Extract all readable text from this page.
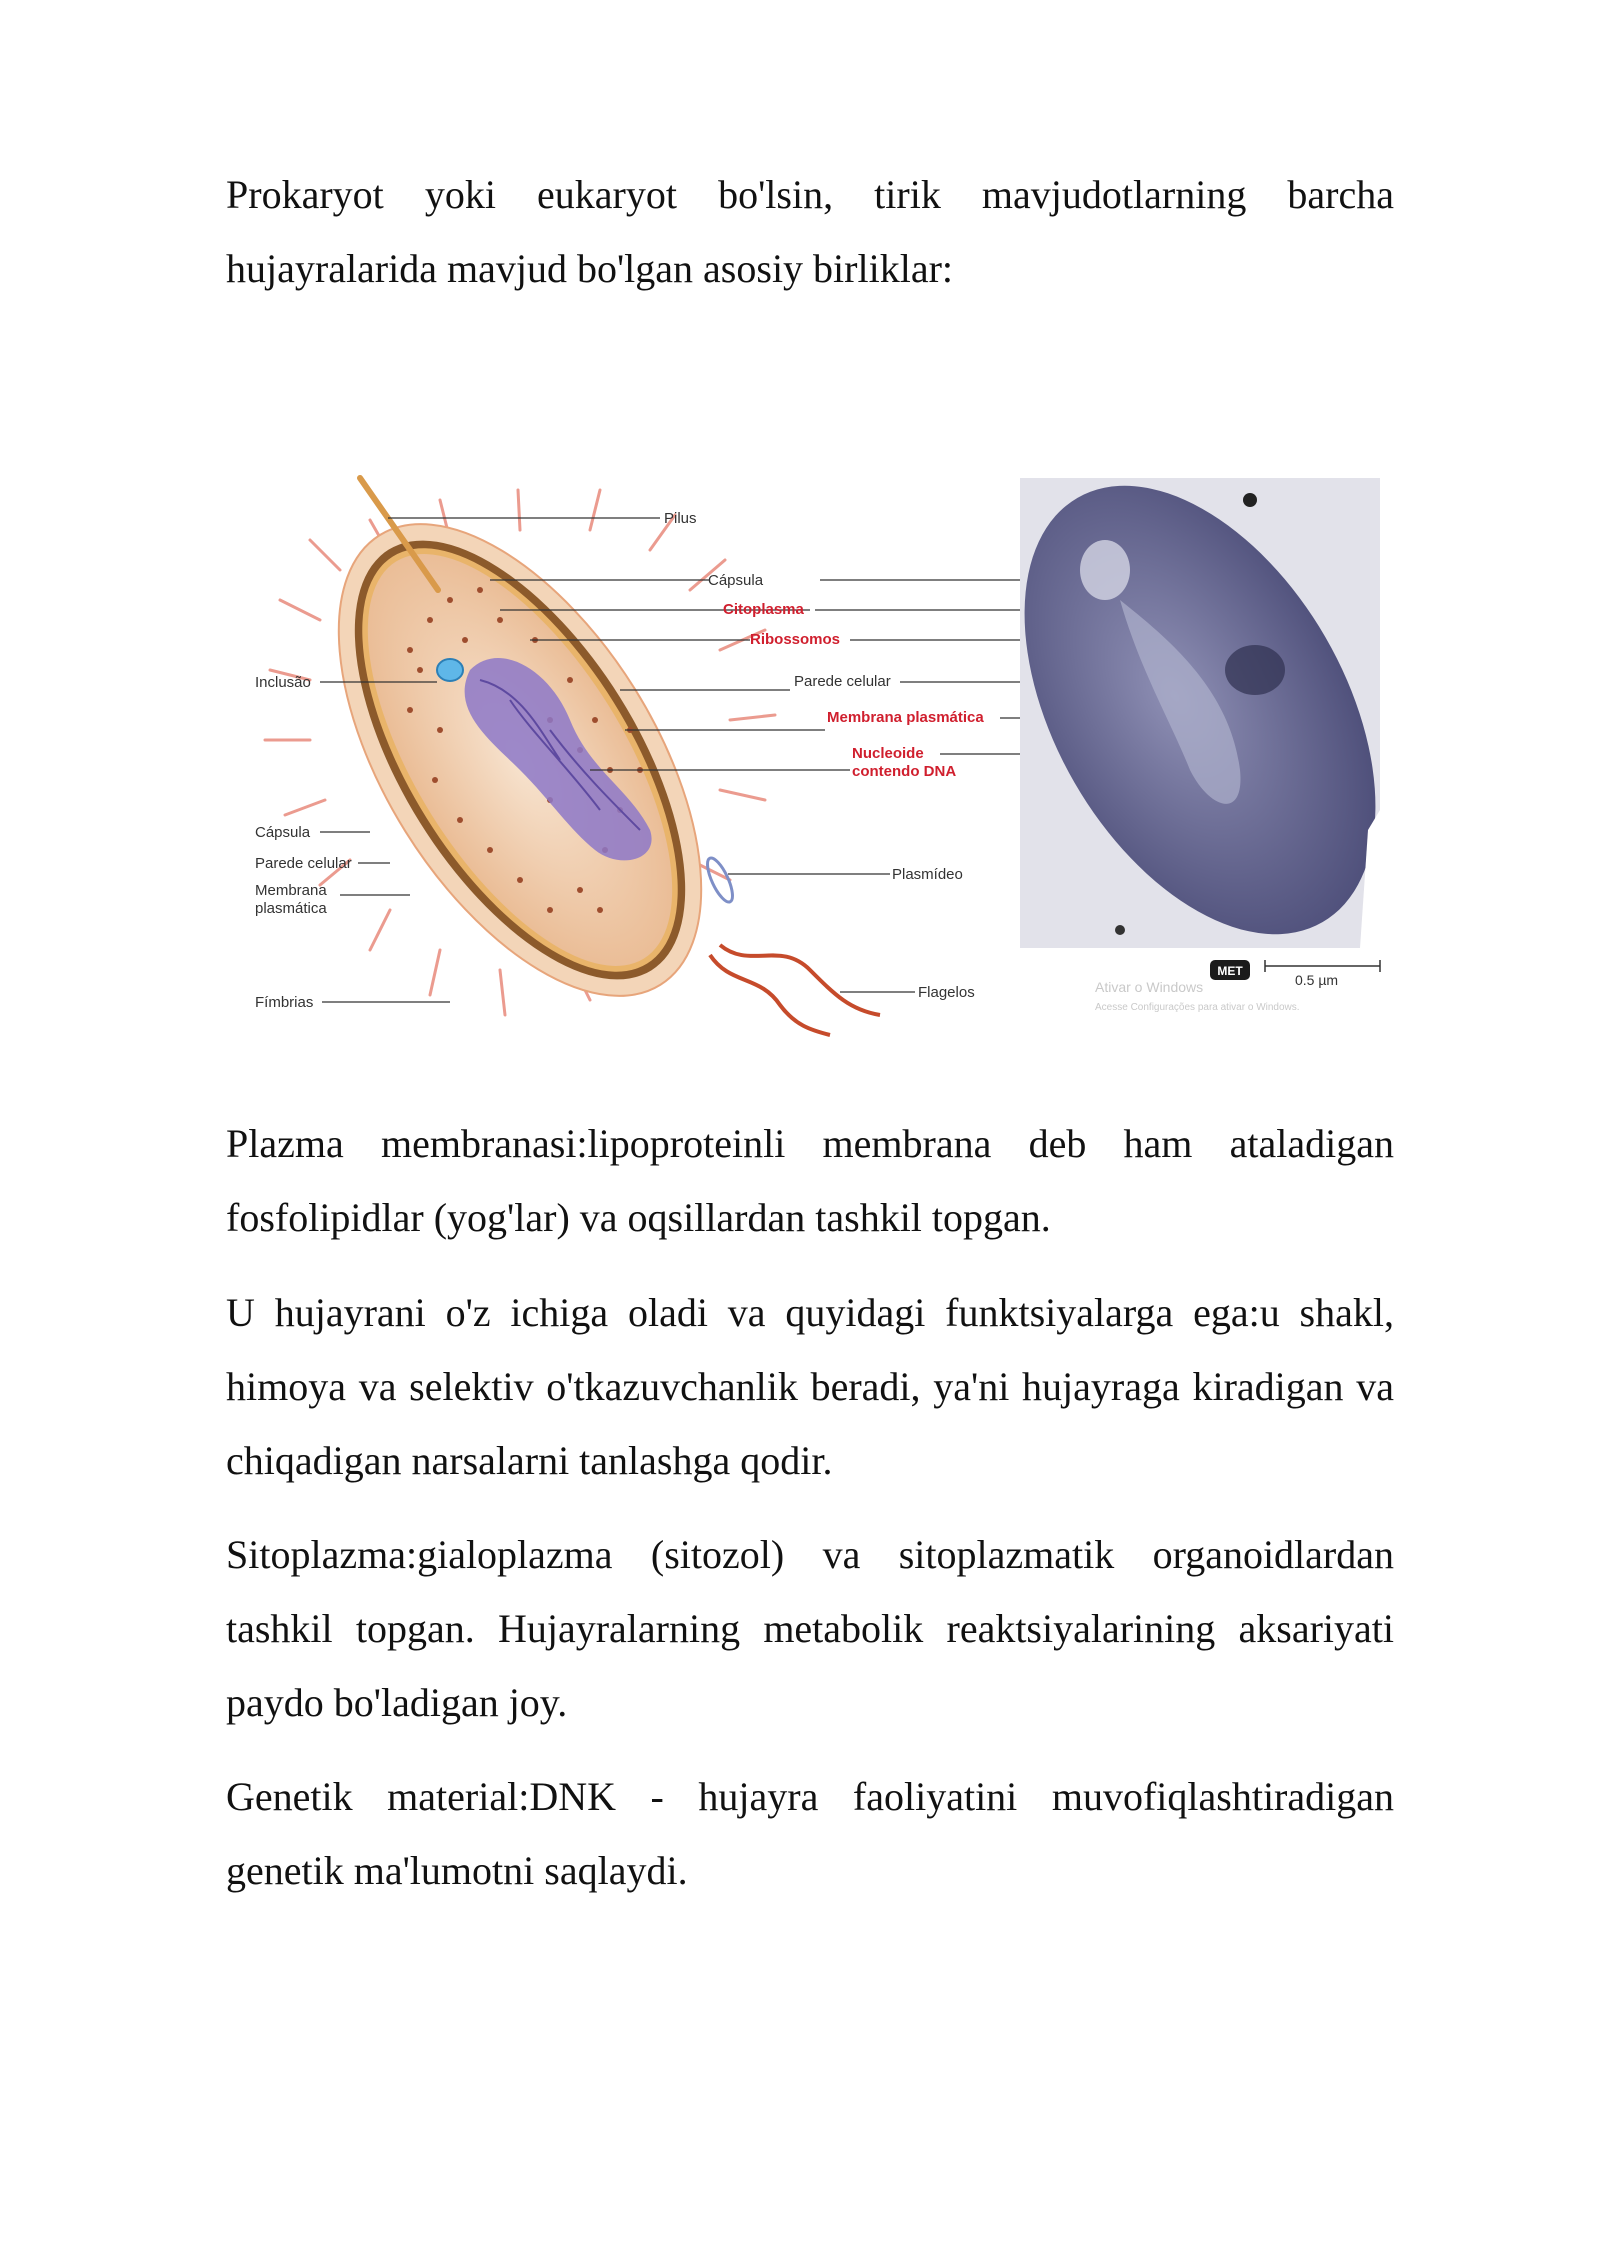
Prokaryot yoki eukaryot bo'lsin, tirik mavjudotlarning barcha hujayralarida mavjud bo'lgan asosiy birliklar:

Pilus
Cápsula
Citoplasma
Ribossomos
Parede celular
Membrana plasmática
Nucleoide
contendo DNA
Inclusão
Cápsula
Parede celular
Membrana
plasmática
Plasmídeo
Fímbrias
Flagelos
MET
0.5 µm
Ativar o Windows
Acesse Configurações para ativar o Windows.

Plazma membranasi:lipoproteinli membrana deb ham ataladigan fosfolipidlar (yog'lar) va oqsillardan tashkil topgan.

U hujayrani o'z ichiga oladi va quyidagi funktsiyalarga ega:u shakl, himoya va selektiv o'tkazuvchanlik beradi, ya'ni hujayraga kiradigan va chiqadigan narsalarni tanlashga qodir.

Sitoplazma:gialoplazma (sitozol) va sitoplazmatik organoidlardan tashkil topgan. Hujayralarning metabolik reaktsiyalarining aksariyati paydo bo'ladigan joy.

Genetik material:DNK - hujayra faoliyatini muvofiqlashtiradigan genetik ma'lumotni saqlaydi.
